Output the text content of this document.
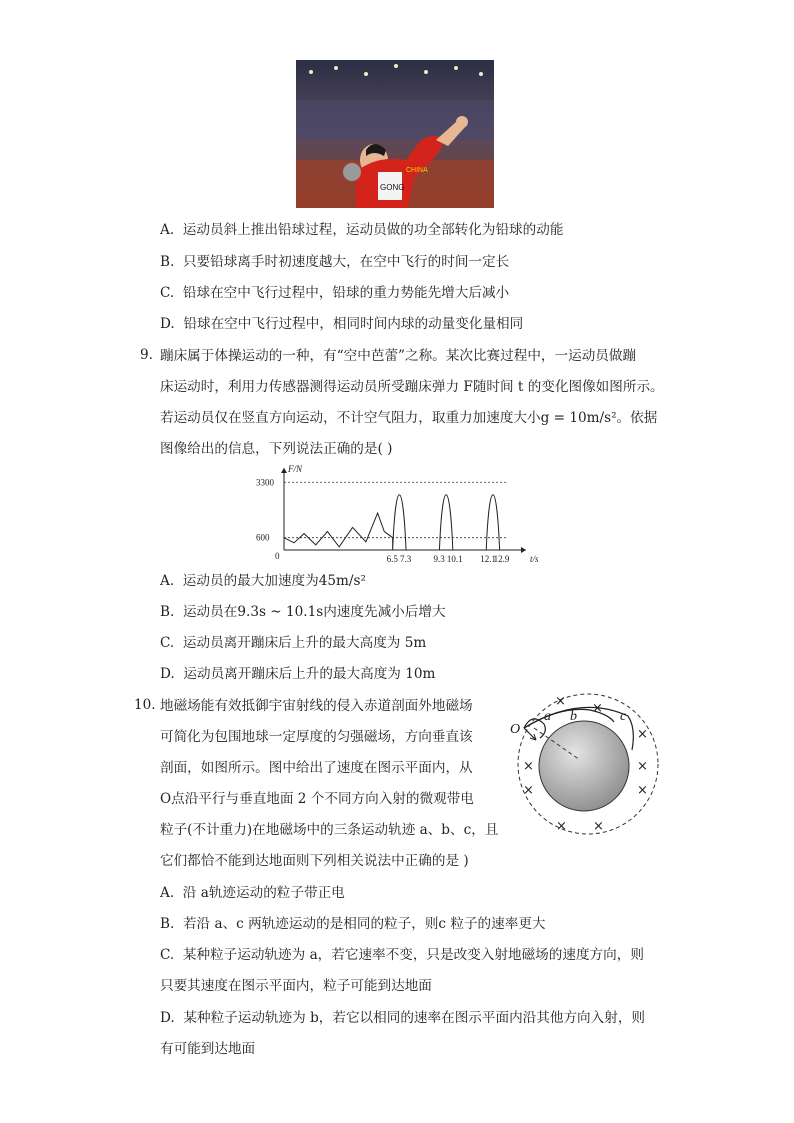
GONG
CHINA
A. 运动员斜上推出铅球过程，运动员做的功全部转化为铅球的动能
B. 只要铅球离手时初速度越大，在空中飞行的时间一定长
C. 铅球在空中飞行过程中，铅球的重力势能先增大后减小
D. 铅球在空中飞行过程中，相同时间内球的动量变化量相同
9. 蹦床属于体操运动的一种，有“空中芭蕾”之称。某次比赛过程中，一运动员做蹦
床运动时，利用力传感器测得运动员所受蹦床弹力 F随时间 t 的变化图像如图所示。
若运动员仅在竖直方向运动，不计空气阻力，取重力加速度大小g = 10m/s²。依据
图像给出的信息，下列说法正确的是( )
F/N
t/s
0
600
3300
6.5 7.3 9.3 10.1 12.1
12.9
A. 运动员的最大加速度为45m/s²
B. 运动员在9.3s ~ 10.1s内速度先减小后增大
C. 运动员离开蹦床后上升的最大高度为 5m
D. 运动员离开蹦床后上升的最大高度为 10m
10. 地磁场能有效抵御宇宙射线的侵入赤道剖面外地磁场
可简化为包围地球一定厚度的匀强磁场，方向垂直该
剖面，如图所示。图中给出了速度在图示平面内，从
O点沿平行与垂直地面 2 个不同方向入射的微观带电
粒子(不计重力)在地磁场中的三条运动轨迹 a、b、c，且
它们都恰不能到达地面则下列相关说法中正确的是 )
O
a b	c
× ×
×	×
×
×
×
× ×
A. 沿 a轨迹运动的粒子带正电
B. 若沿 a、c 两轨迹运动的是相同的粒子，则c 粒子的速率更大
C. 某种粒子运动轨迹为 a，若它速率不变，只是改变入射地磁场的速度方向，则
只要其速度在图示平面内，粒子可能到达地面
D. 某种粒子运动轨迹为 b，若它以相同的速率在图示平面内沿其他方向入射，则
有可能到达地面
